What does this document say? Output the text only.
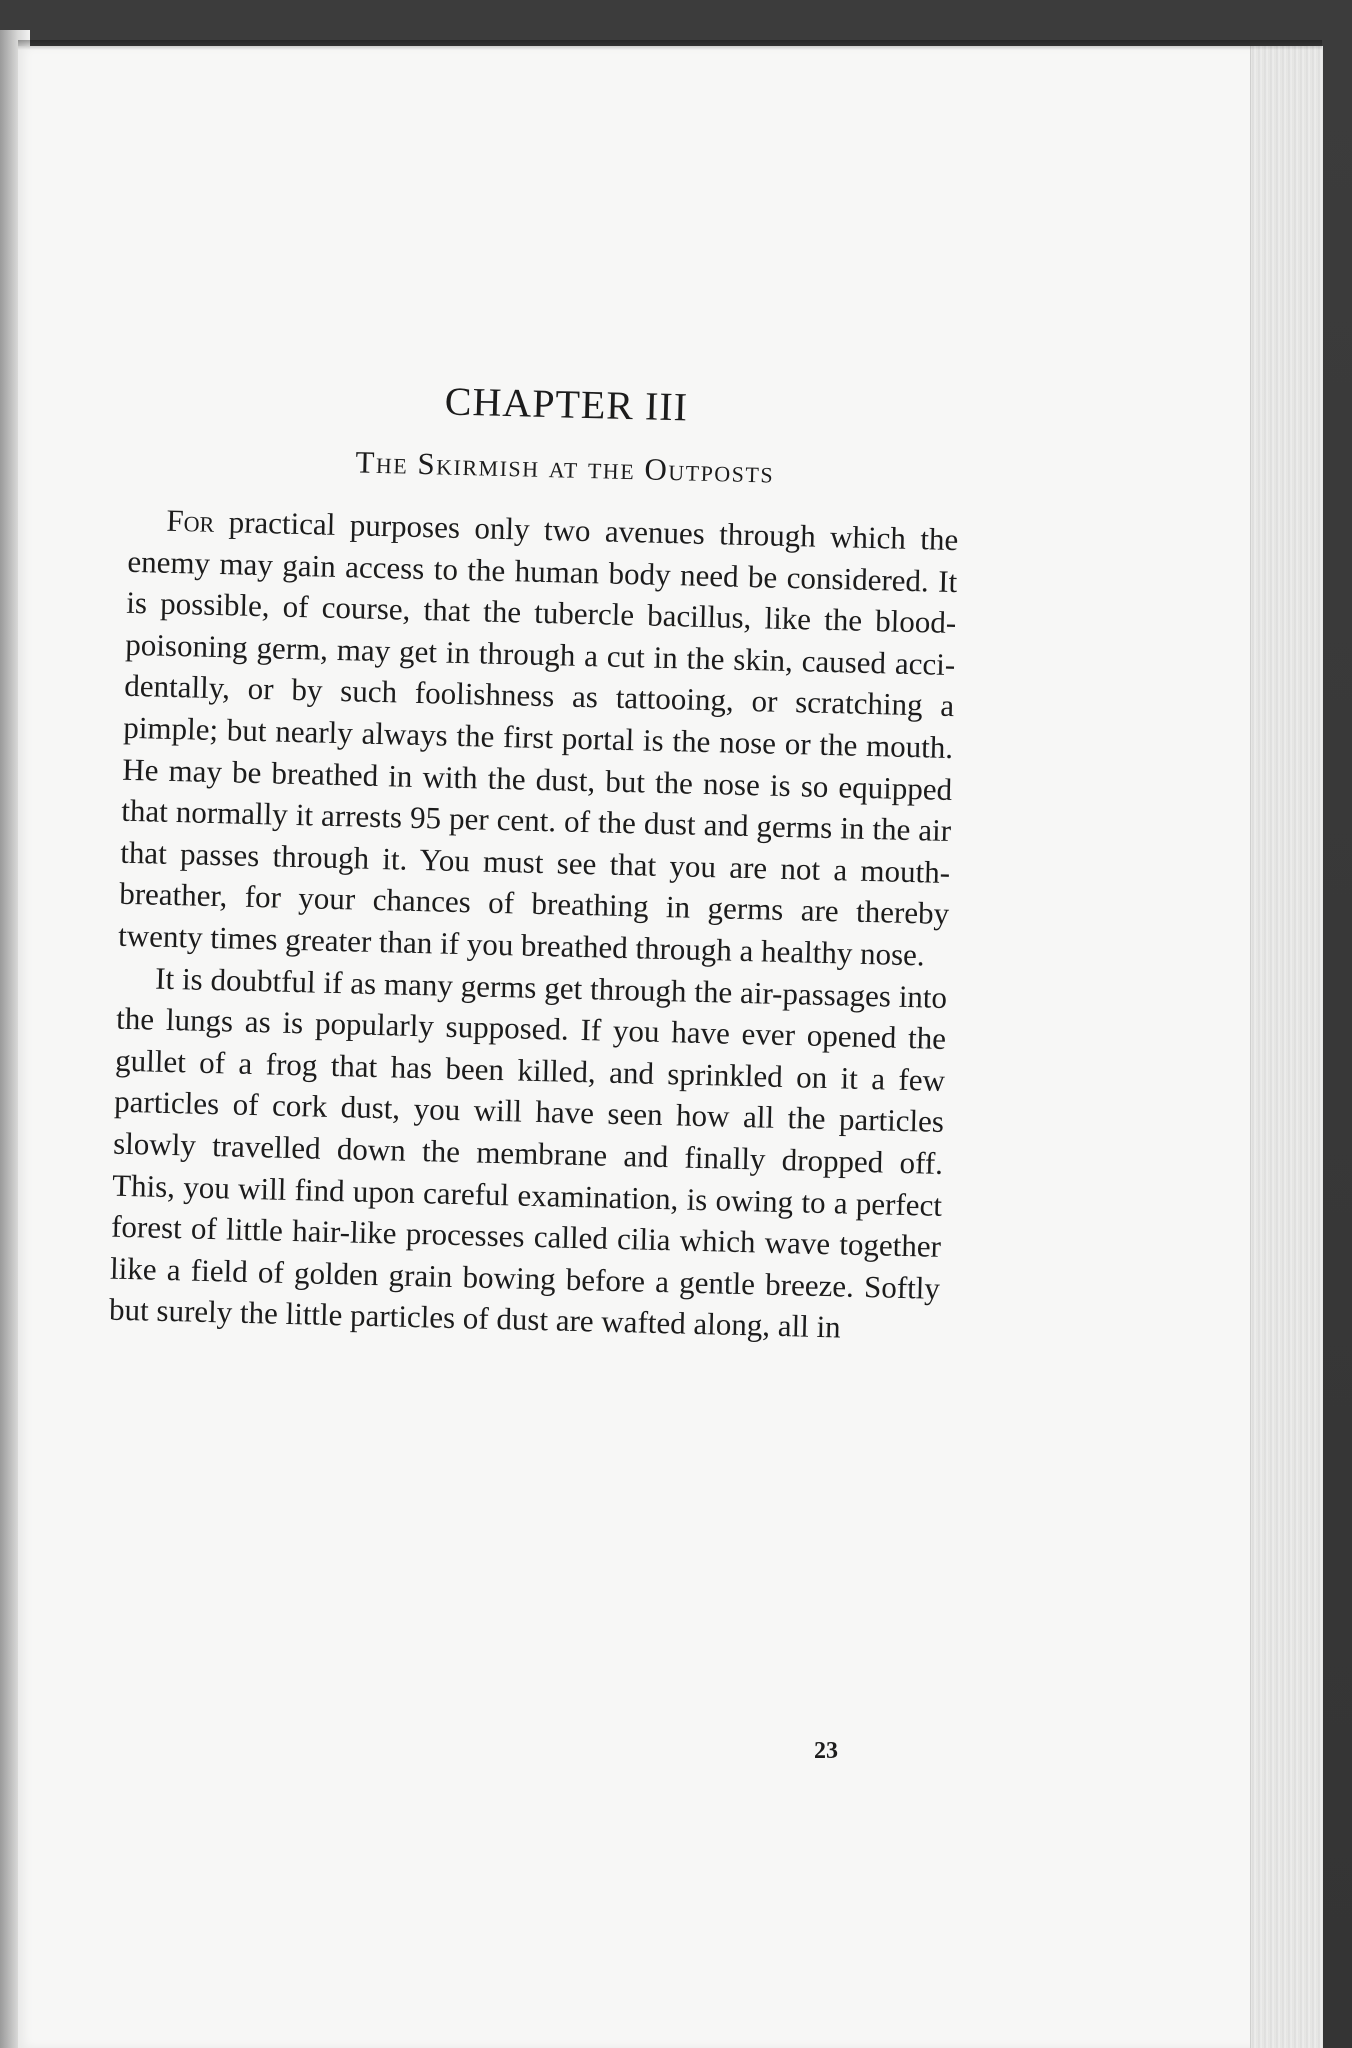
CHAPTER III
The Skirmish at the Outposts

For practical purposes only two avenues through which the enemy may gain access to the human body need be considered. It is possible, of course, that the tubercle bacillus, like the blood-poisoning germ, may get in through a cut in the skin, caused accidentally, or by such foolishness as tattooing, or scratching a pimple; but nearly always the first portal is the nose or the mouth. He may be breathed in with the dust, but the nose is so equipped that normally it arrests 95 per cent. of the dust and germs in the air that passes through it. You must see that you are not a mouth-breather, for your chances of breathing in germs are thereby twenty times greater than if you breathed through a healthy nose.

It is doubtful if as many germs get through the air-passages into the lungs as is popularly supposed. If you have ever opened the gullet of a frog that has been killed, and sprinkled on it a few particles of cork dust, you will have seen how all the particles slowly travelled down the membrane and finally dropped off. This, you will find upon careful examination, is owing to a perfect forest of little hair-like processes called cilia which wave together like a field of golden grain bowing before a gentle breeze. Softly but surely the little particles of dust are wafted along, all in

23
